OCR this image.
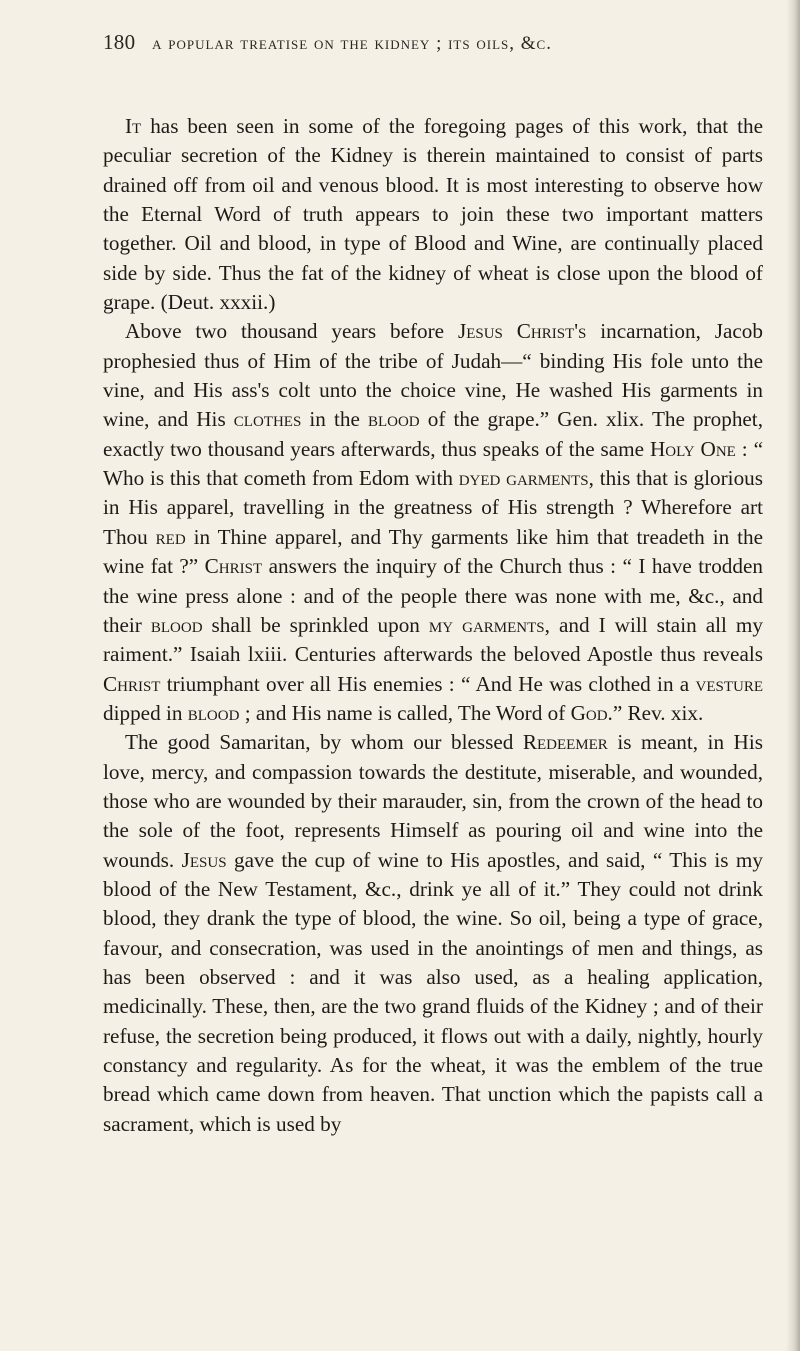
180 a popular treatise on the kidney ; its oils, &c.

It has been seen in some of the foregoing pages of this work, that the peculiar secretion of the Kidney is therein maintained to consist of parts drained off from oil and venous blood. It is most interesting to observe how the Eternal Word of truth appears to join these two important matters together. Oil and blood, in type of Blood and Wine, are continually placed side by side. Thus the fat of the kidney of wheat is close upon the blood of grape. (Deut. xxxii.)

Above two thousand years before Jesus Christ's incarnation, Jacob prophesied thus of Him of the tribe of Judah—“ binding His fole unto the vine, and His ass's colt unto the choice vine, He washed His garments in wine, and His clothes in the blood of the grape.” Gen. xlix. The prophet, exactly two thousand years afterwards, thus speaks of the same Holy One : “ Who is this that cometh from Edom with dyed garments, this that is glorious in His apparel, travelling in the greatness of His strength ? Wherefore art Thou red in Thine apparel, and Thy garments like him that treadeth in the wine fat ?” Christ answers the inquiry of the Church thus : “ I have trodden the wine press alone : and of the people there was none with me, &c., and their blood shall be sprinkled upon my garments, and I will stain all my raiment.” Isaiah lxiii. Centuries afterwards the beloved Apostle thus reveals Christ triumphant over all His enemies : “ And He was clothed in a vesture dipped in blood ; and His name is called, The Word of God.” Rev. xix.

The good Samaritan, by whom our blessed Redeemer is meant, in His love, mercy, and compassion towards the destitute, miserable, and wounded, those who are wounded by their marauder, sin, from the crown of the head to the sole of the foot, represents Himself as pouring oil and wine into the wounds. Jesus gave the cup of wine to His apostles, and said, “ This is my blood of the New Testament, &c., drink ye all of it.” They could not drink blood, they drank the type of blood, the wine. So oil, being a type of grace, favour, and consecration, was used in the anointings of men and things, as has been observed : and it was also used, as a healing application, medicinally. These, then, are the two grand fluids of the Kidney ; and of their refuse, the secretion being produced, it flows out with a daily, nightly, hourly constancy and regularity. As for the wheat, it was the emblem of the true bread which came down from heaven. That unction which the papists call a sacrament, which is used by
